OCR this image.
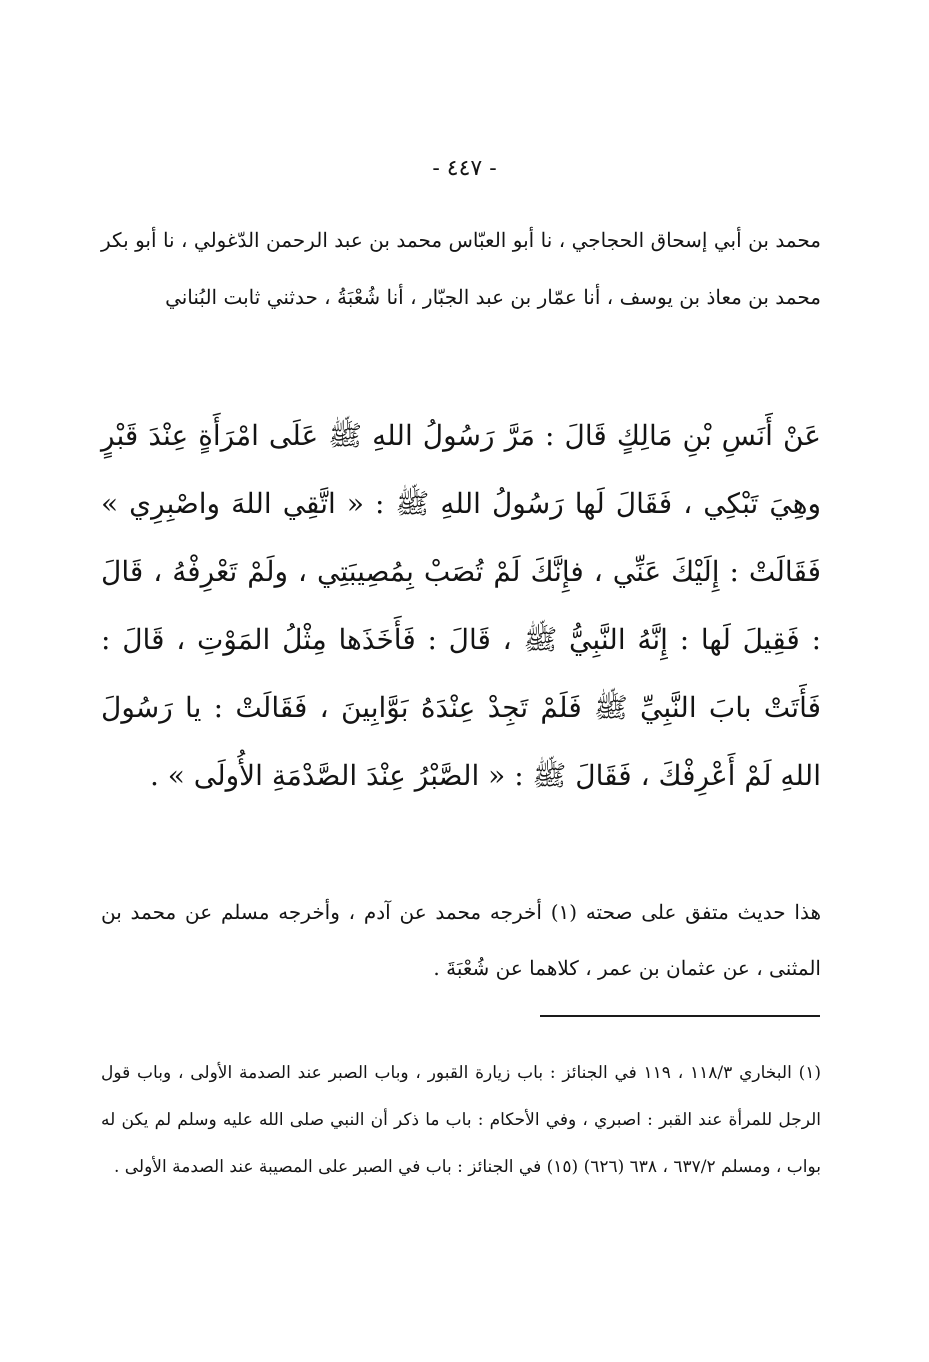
- ٤٤٧ -

محمد بن أبي إسحاق الحجاجي ، نا أبو العبّاس محمد بن عبد الرحمن الدّغولي ، نا أبو بكر محمد بن معاذ بن يوسف ، أنا عمّار بن عبد الجبّار ، أنا شُعْبَةُ ، حدثني ثابت البُناني

عَنْ أَنَسِ بْنِ مَالِكٍ قَالَ : مَرَّ رَسُولُ اللهِ ﷺ عَلَى امْرَأَةٍ عِنْدَ قَبْرٍ وهِيَ تَبْكِي ، فَقَالَ لَها رَسُولُ اللهِ ﷺ : « اتَّقِي اللهَ واصْبِرِي » فَقَالَتْ : إِلَيْكَ عَنِّي ، فإِنَّكَ لَمْ تُصَبْ بِمُصِيبَتِي ، ولَمْ تَعْرِفْهُ ، قَالَ : فَقِيلَ لَها : إِنَّهُ النَّبِيُّ ﷺ ، قَالَ : فَأَخَذَها مِثْلُ المَوْتِ ، قَالَ : فَأَتَتْ بابَ النَّبِيِّ ﷺ فَلَمْ تَجِدْ عِنْدَهُ بَوَّابِينَ ، فَقَالَتْ : يا رَسُولَ اللهِ لَمْ أَعْرِفْكَ ، فَقَالَ ﷺ : « الصَّبْرُ عِنْدَ الصَّدْمَةِ الأُولَى » .

هذا حديث متفق على صحته (١) أخرجه محمد عن آدم ، وأخرجه مسلم عن محمد بن المثنى ، عن عثمان بن عمر ، كلاهما عن شُعْبَةَ .

(١) البخاري ١١٨/٣ ، ١١٩ في الجنائز : باب زيارة القبور ، وباب الصبر عند الصدمة الأولى ، وباب قول الرجل للمرأة عند القبر : اصبري ، وفي الأحكام : باب ما ذكر أن النبي صلى الله عليه وسلم لم يكن له بواب ، ومسلم ٦٣٧/٢ ، ٦٣٨ (٦٢٦) (١٥) في الجنائز : باب في الصبر على المصيبة عند الصدمة الأولى .
